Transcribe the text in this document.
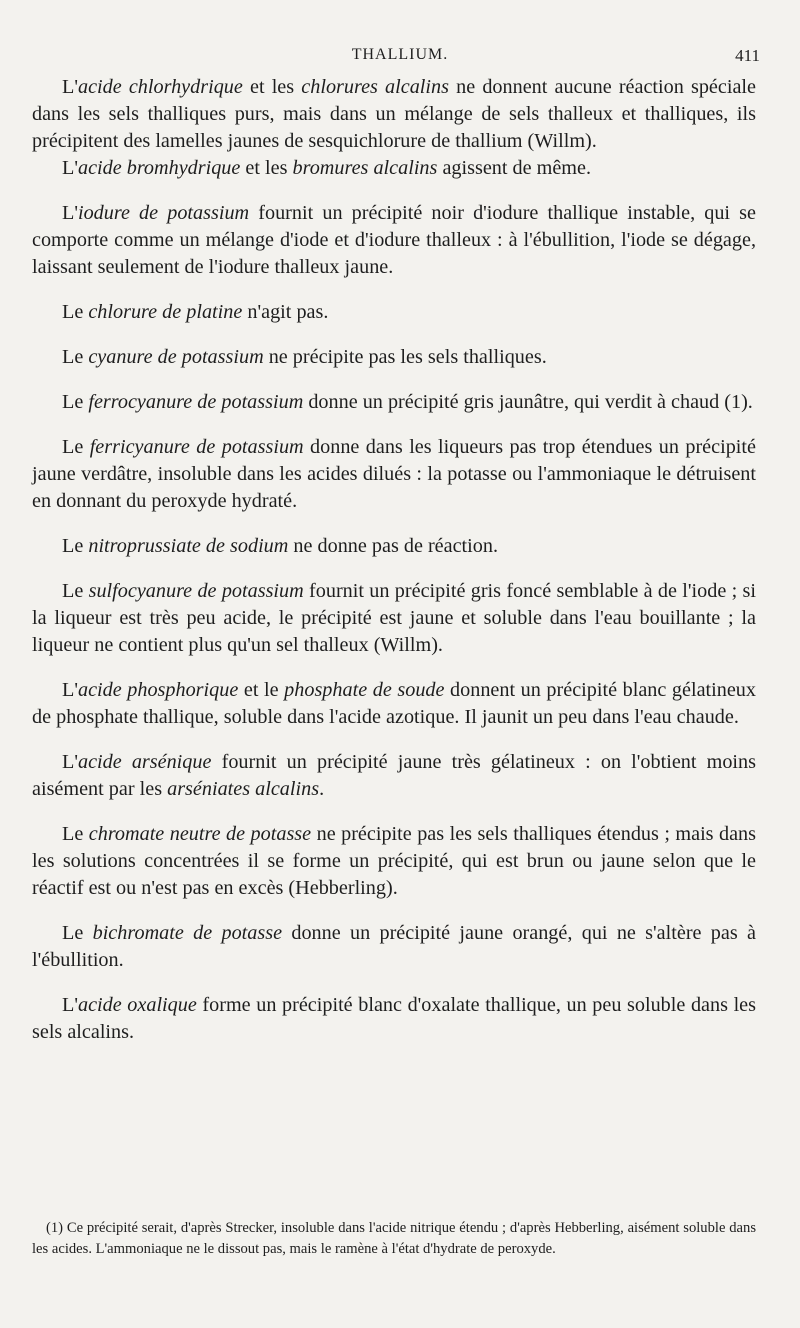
THALLIUM.	411

L'acide chlorhydrique et les chlorures alcalins ne donnent aucune réaction spéciale dans les sels thalliques purs, mais dans un mélange de sels thalleux et thalliques, ils précipitent des lamelles jaunes de sesquichlorure de thallium (Willm).

L'acide bromhydrique et les bromures alcalins agissent de même.

L'iodure de potassium fournit un précipité noir d'iodure thallique instable, qui se comporte comme un mélange d'iode et d'iodure thalleux : à l'ébullition, l'iode se dégage, laissant seulement de l'iodure thalleux jaune.

Le chlorure de platine n'agit pas.

Le cyanure de potassium ne précipite pas les sels thalliques.

Le ferrocyanure de potassium donne un précipité gris jaunâtre, qui verdit à chaud (1).

Le ferricyanure de potassium donne dans les liqueurs pas trop étendues un précipité jaune verdâtre, insoluble dans les acides dilués : la potasse ou l'ammoniaque le détruisent en donnant du peroxyde hydraté.

Le nitroprussiate de sodium ne donne pas de réaction.

Le sulfocyanure de potassium fournit un précipité gris foncé semblable à de l'iode ; si la liqueur est très peu acide, le précipité est jaune et soluble dans l'eau bouillante ; la liqueur ne contient plus qu'un sel thalleux (Willm).

L'acide phosphorique et le phosphate de soude donnent un précipité blanc gélatineux de phosphate thallique, soluble dans l'acide azotique. Il jaunit un peu dans l'eau chaude.

L'acide arsénique fournit un précipité jaune très gélatineux : on l'obtient moins aisément par les arséniates alcalins.

Le chromate neutre de potasse ne précipite pas les sels thalliques étendus ; mais dans les solutions concentrées il se forme un précipité, qui est brun ou jaune selon que le réactif est ou n'est pas en excès (Hebberling).

Le bichromate de potasse donne un précipité jaune orangé, qui ne s'altère pas à l'ébullition.

L'acide oxalique forme un précipité blanc d'oxalate thallique, un peu soluble dans les sels alcalins.

(1) Ce précipité serait, d'après Strecker, insoluble dans l'acide nitrique étendu ; d'après Hebberling, aisément soluble dans les acides. L'ammoniaque ne le dissout pas, mais le ramène à l'état d'hydrate de peroxyde.
